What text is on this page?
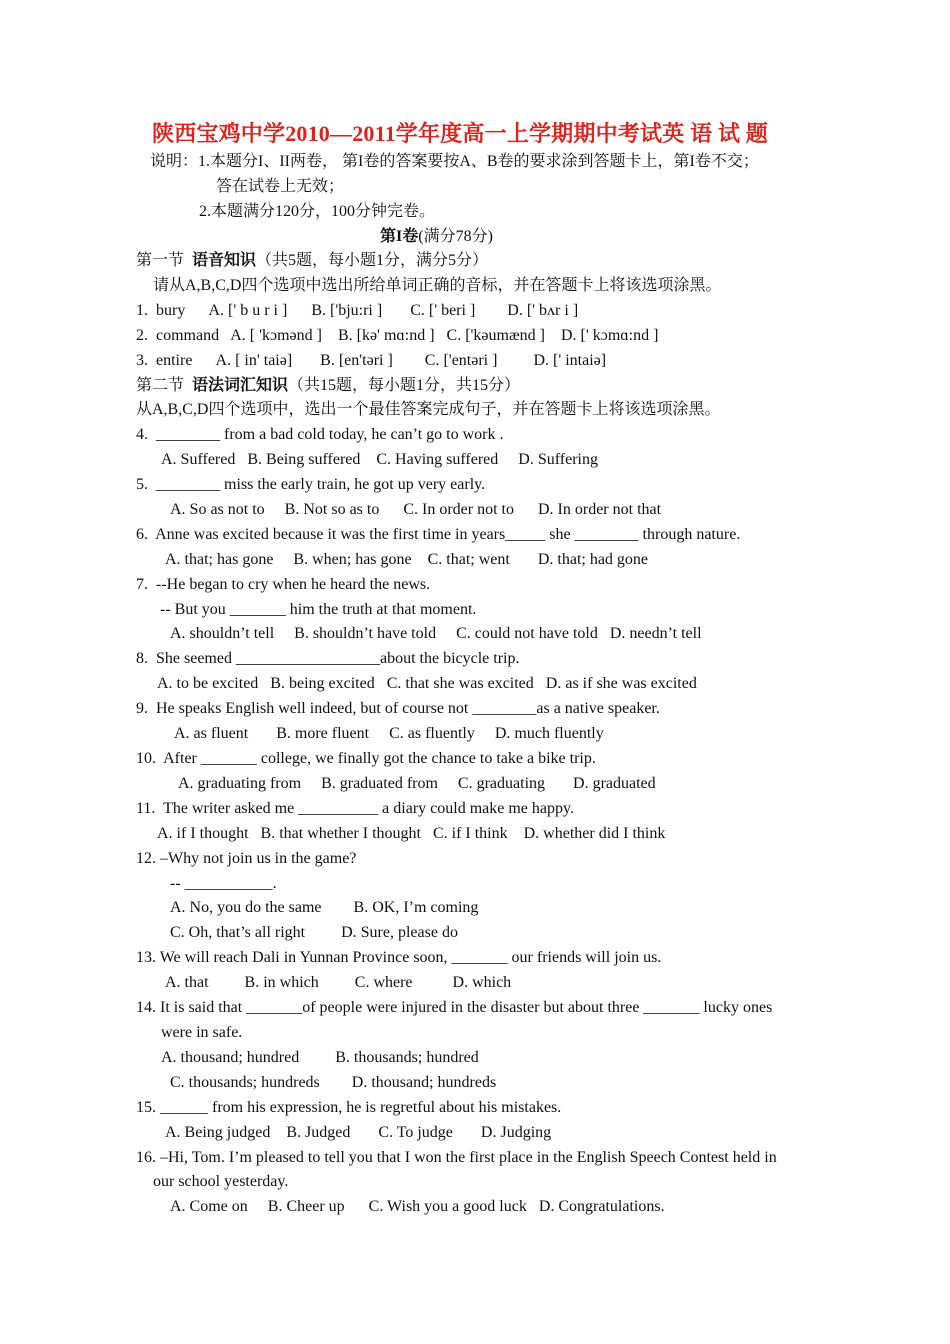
陕西宝鸡中学2010—2011学年度高一上学期期中考试英 语 试 题
说明：1.本题分I、II两卷， 第I卷的答案要按A、B卷的要求涂到答题卡上，第I卷不交；
答在试卷上无效；
2.本题满分120分，100分钟完卷。
第I卷(满分78分)
第一节  语音知识（共5题，每小题1分，满分5分）
请从A,B,C,D四个选项中选出所给单词正确的音标，并在答题卡上将该选项涂黑。
1.  bury      A. [' b u r i ]      B. ['bju:ri ]       C. [' beri ]        D. [' bʌr i ]
2.  command   A. [ 'kɔmənd ]    B. [kə' mɑ:nd ]   C. ['kəumænd ]    D. [' kɔmɑ:nd ]
3.  entire      A. [ in' taiə]       B. [en'təri ]        C. ['entəri ]         D. [' intaiə]
第二节  语法词汇知识（共15题，每小题1分，共15分）
从A,B,C,D四个选项中，选出一个最佳答案完成句子，并在答题卡上将该选项涂黑。
4.  ________ from a bad cold today, he can’t go to work .
A. Suffered   B. Being suffered    C. Having suffered     D. Suffering
5.  ________ miss the early train, he got up very early.
A. So as not to     B. Not so as to      C. In order not to      D. In order not that
6.  Anne was excited because it was the first time in years_____ she ________ through nature.
A. that; has gone     B. when; has gone    C. that; went       D. that; had gone
7.  --He began to cry when he heard the news.
-- But you _______ him the truth at that moment.
A. shouldn’t tell     B. shouldn’t have told     C. could not have told   D. needn’t tell
8.  She seemed __________________about the bicycle trip.
A. to be excited   B. being excited   C. that she was excited   D. as if she was excited
9.  He speaks English well indeed, but of course not ________as a native speaker.
A. as fluent       B. more fluent     C. as fluently     D. much fluently
10.  After _______ college, we finally got the chance to take a bike trip.
A. graduating from     B. graduated from     C. graduating       D. graduated
11.  The writer asked me __________ a diary could make me happy.
A. if I thought   B. that whether I thought   C. if I think    D. whether did I think
12. –Why not join us in the game?
-- ___________.
A. No, you do the same        B. OK, I’m coming
C. Oh, that’s all right         D. Sure, please do
13. We will reach Dali in Yunnan Province soon, _______ our friends will join us.
A. that         B. in which         C. where          D. which
14. It is said that _______of people were injured in the disaster but about three _______ lucky ones
were in safe.
A. thousand; hundred         B. thousands; hundred
C. thousands; hundreds        D. thousand; hundreds
15. ______ from his expression, he is regretful about his mistakes.
A. Being judged    B. Judged       C. To judge       D. Judging
16. –Hi, Tom. I’m pleased to tell you that I won the first place in the English Speech Contest held in
our school yesterday.
A. Come on     B. Cheer up      C. Wish you a good luck   D. Congratulations.
